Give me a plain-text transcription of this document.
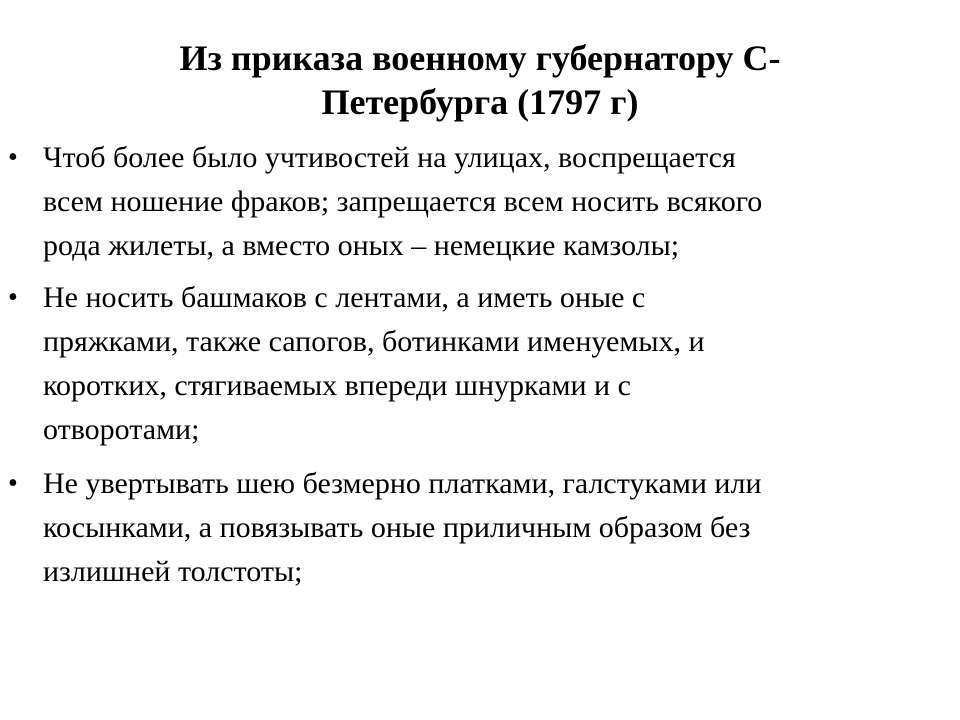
Из приказа военному губернатору С-
Петербурга (1797 г)
• Чтоб более было учтивостей на улицах, воспрещается
всем ношение фраков; запрещается всем носить всякого
рода жилеты, а вместо оных – немецкие камзолы;
• Не носить башмаков с лентами, а иметь оные с
пряжками, также сапогов, ботинками именуемых, и
коротких, стягиваемых впереди шнурками и с
отворотами;
• Не увертывать шею безмерно платками, галстуками или
косынками, а повязывать оные приличным образом без
излишней толстоты;
